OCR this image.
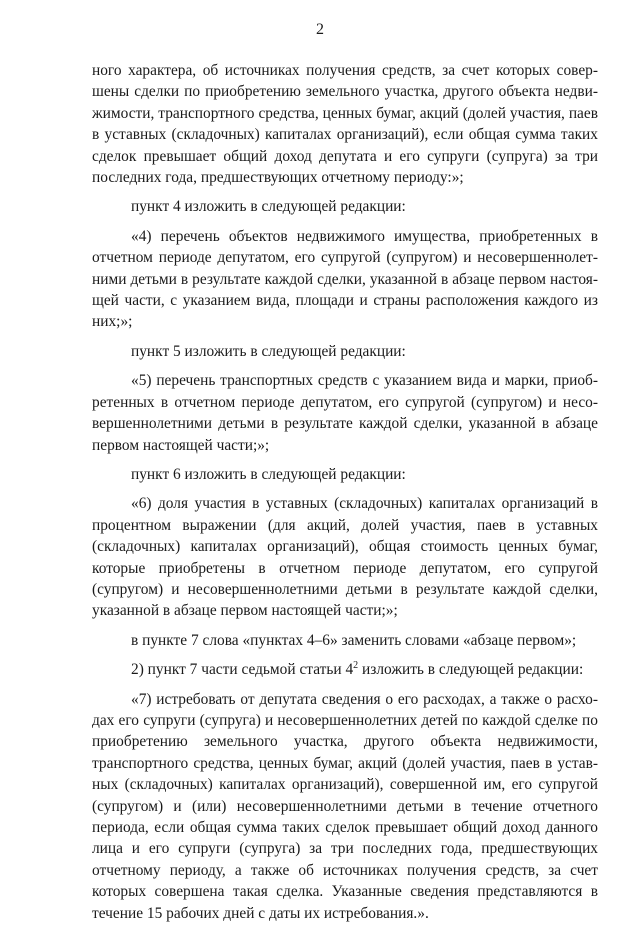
2

ного характера, об источниках получения средств, за счет которых совершены сделки по приобретению земельного участка, другого объекта недвижимости, транспортного средства, ценных бумаг, акций (долей участия, паев в уставных (складочных) капиталах организаций), если общая сумма таких сделок превышает общий доход депутата и его супруги (супруга) за три последних года, предшествующих отчетному периоду:»;

пункт 4 изложить в следующей редакции:

«4) перечень объектов недвижимого имущества, приобретенных в отчетном периоде депутатом, его супругой (супругом) и несовершеннолетними детьми в результате каждой сделки, указанной в абзаце первом настоящей части, с указанием вида, площади и страны расположения каждого из них;»;

пункт 5 изложить в следующей редакции:

«5) перечень транспортных средств с указанием вида и марки, приобретенных в отчетном периоде депутатом, его супругой (супругом) и несовершеннолетними детьми в результате каждой сделки, указанной в абзаце первом настоящей части;»;

пункт 6 изложить в следующей редакции:

«6) доля участия в уставных (складочных) капиталах организаций в процентном выражении (для акций, долей участия, паев в уставных (складочных) капиталах организаций), общая стоимость ценных бумаг, которые приобретены в отчетном периоде депутатом, его супругой (супругом) и несовершеннолетними детьми в результате каждой сделки, указанной в абзаце первом настоящей части;»;

в пункте 7 слова «пунктах 4–6» заменить словами «абзаце первом»;

2) пункт 7 части седьмой статьи $4^2$ изложить в следующей редакции:

«7) истребовать от депутата сведения о его расходах, а также о расходах его супруги (супруга) и несовершеннолетних детей по каждой сделке по приобретению земельного участка, другого объекта недвижимости, транспортного средства, ценных бумаг, акций (долей участия, паев в уставных (складочных) капиталах организаций), совершенной им, его супругой (супругом) и (или) несовершеннолетними детьми в течение отчетного периода, если общая сумма таких сделок превышает общий доход данного лица и его супруги (супруга) за три последних года, предшествующих отчетному периоду, а также об источниках получения средств, за счет которых совершена такая сделка. Указанные сведения представляются в течение 15 рабочих дней с даты их истребования.».
